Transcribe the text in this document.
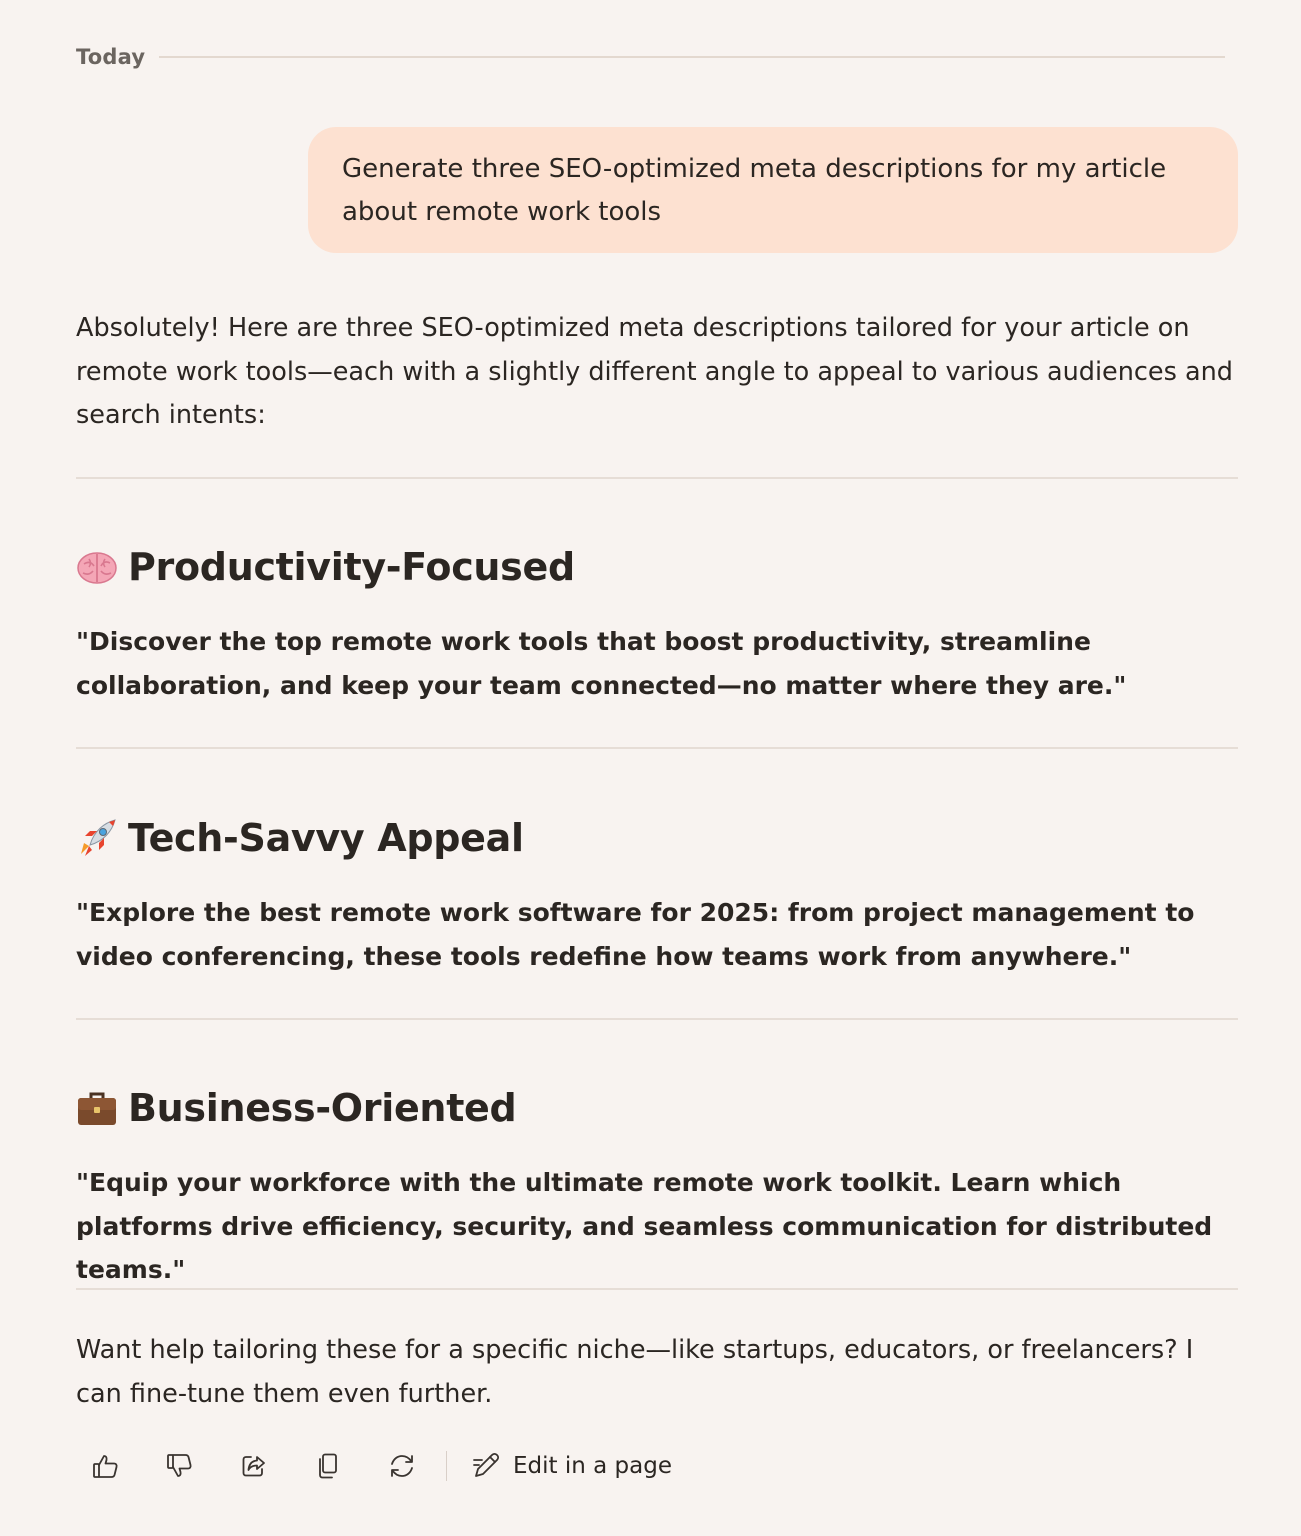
Today
Generate three SEO-optimized meta descriptions for my article about remote work tools
Absolutely! Here are three SEO-optimized meta descriptions tailored for your article on remote work tools—each with a slightly different angle to appeal to various audiences and search intents:
Productivity-Focused
"Discover the top remote work tools that boost productivity, streamline collaboration, and keep your team connected—no matter where they are."
Tech-Savvy Appeal
"Explore the best remote work software for 2025: from project management to video conferencing, these tools redefine how teams work from anywhere."
Business-Oriented
"Equip your workforce with the ultimate remote work toolkit. Learn which platforms drive efficiency, security, and seamless communication for distributed teams."
Want help tailoring these for a specific niche—like startups, educators, or freelancers? I can fine-tune them even further.
Edit in a page
